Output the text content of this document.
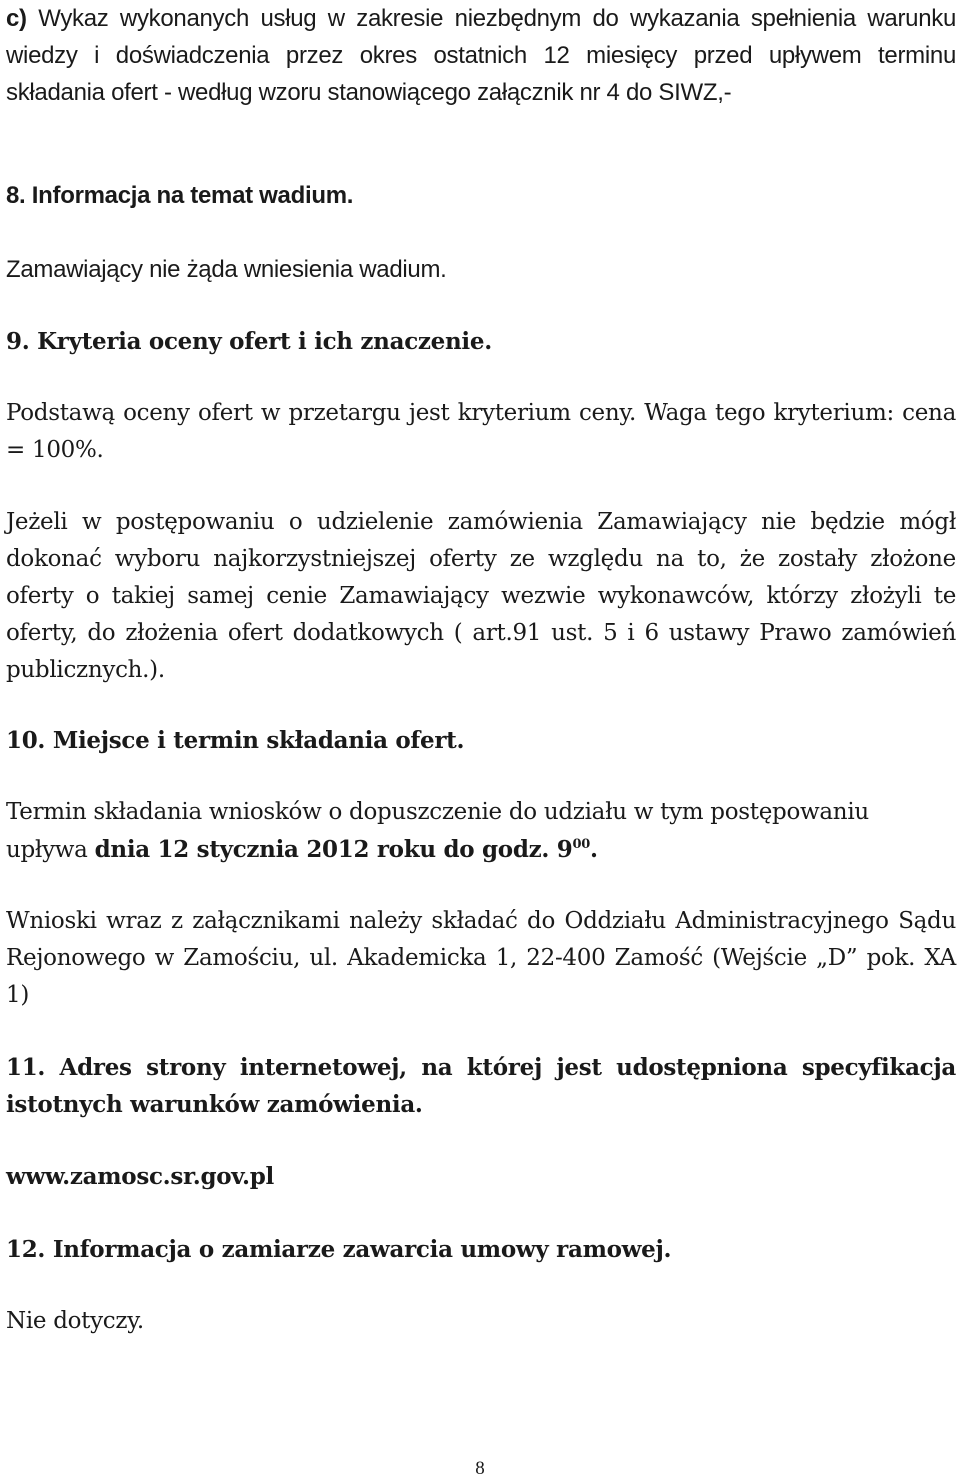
c) Wykaz wykonanych usług w zakresie niezbędnym do wykazania spełnienia warunku wiedzy i doświadczenia przez okres ostatnich 12 miesięcy przed upływem terminu składania ofert - według wzoru stanowiącego załącznik nr 4 do SIWZ,-

8. Informacja na temat wadium.

Zamawiający nie żąda wniesienia wadium.

9. Kryteria oceny ofert i ich znaczenie.

Podstawą oceny ofert w przetargu jest kryterium ceny. Waga tego kryterium: cena = 100%.

Jeżeli w postępowaniu o udzielenie zamówienia Zamawiający nie będzie mógł dokonać wyboru najkorzystniejszej oferty ze względu na to, że zostały złożone oferty o takiej samej cenie Zamawiający wezwie wykonawców, którzy złożyli te oferty, do złożenia ofert dodatkowych ( art.91 ust. 5 i 6 ustawy Prawo zamówień publicznych.).

10. Miejsce i termin składania ofert.

Termin składania wniosków o dopuszczenie do udziału w tym postępowaniu upływa dnia 12 stycznia 2012 roku do godz. $9^{00}$.

Wnioski wraz z załącznikami należy składać do Oddziału Administracyjnego Sądu Rejonowego w Zamościu, ul. Akademicka 1, 22-400 Zamość (Wejście „D” pok. XA 1)

11. Adres strony internetowej, na której jest udostępniona specyfikacja istotnych warunków zamówienia.

www.zamosc.sr.gov.pl

12. Informacja o zamiarze zawarcia umowy ramowej.

Nie dotyczy.

8
